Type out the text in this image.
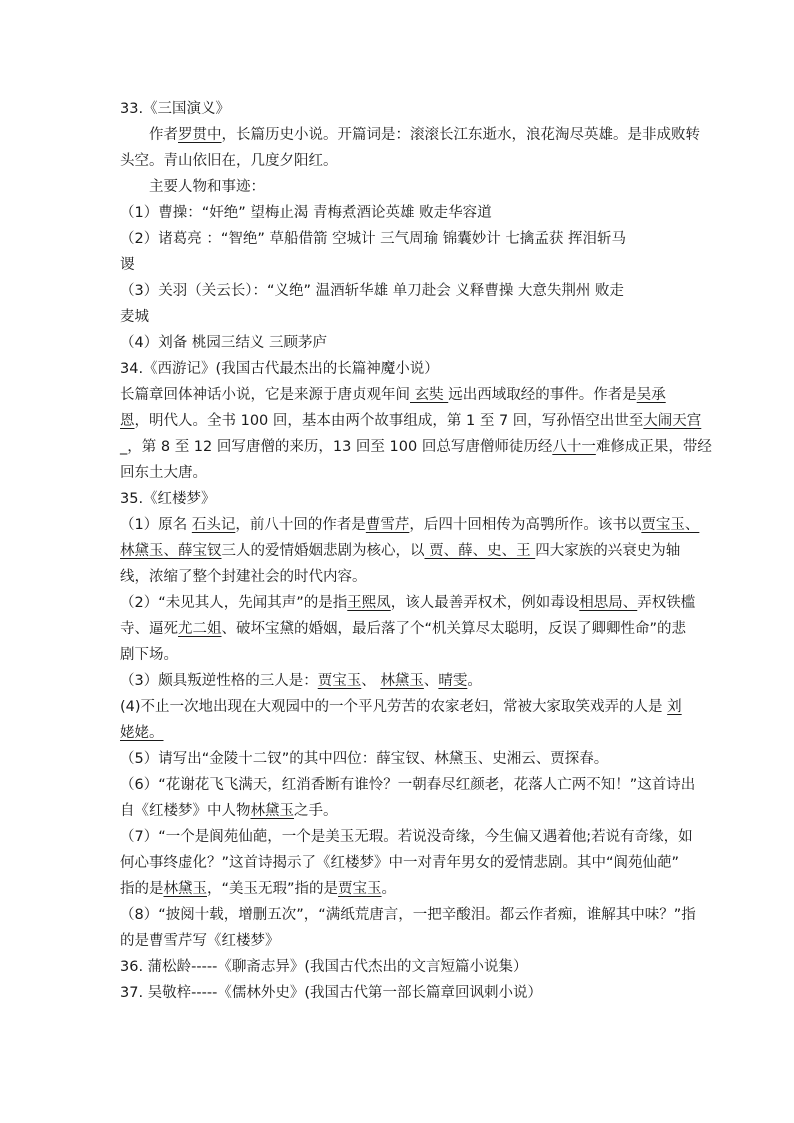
33.《三国演义》
作者罗贯中，长篇历史小说。开篇词是：滚滚长江东逝水，浪花淘尽英雄。是非成败转
头空。青山依旧在，几度夕阳红。
主要人物和事迹：
（1）曹操：“奸绝” 望梅止渴 青梅煮酒论英雄 败走华容道
（2）诸葛亮 ：“智绝” 草船借箭 空城计 三气周瑜 锦囊妙计 七擒孟获 挥泪斩马
谡
（3）关羽（关云长）：“义绝” 温酒斩华雄 单刀赴会 义释曹操 大意失荆州 败走
麦城
（4）刘备 桃园三结义 三顾茅庐
34.《西游记》(我国古代最杰出的长篇神魔小说）
长篇章回体神话小说，它是来源于唐贞观年间 玄奘 远出西域取经的事件。作者是吴承
恩，明代人。全书 100 回，基本由两个故事组成，第 1 至 7 回，写孙悟空出世至大闹天宫
_，第 8 至 12 回写唐僧的来历，13 回至 100 回总写唐僧师徒历经八十一难修成正果，带经
回东土大唐。
35.《红楼梦》
（1）原名 石头记，前八十回的作者是曹雪芹，后四十回相传为高鹗所作。该书以贾宝玉、
林黛玉、薛宝钗三人的爱情婚姻悲剧为核心，以 贾、薛、史、王 四大家族的兴衰史为轴
线，浓缩了整个封建社会的时代内容。
（2）“未见其人，先闻其声”的是指王熙凤，该人最善弄权术，例如毒设相思局、弄权铁槛
寺、逼死尤二姐、破坏宝黛的婚姻，最后落了个“机关算尽太聪明，反误了卿卿性命”的悲
剧下场。
（3）颇具叛逆性格的三人是：贾宝玉、 林黛玉、晴雯。
(4)不止一次地出现在大观园中的一个平凡劳苦的农家老妇，常被大家取笑戏弄的人是 刘
姥姥。
（5）请写出“金陵十二钗”的其中四位：薛宝钗、林黛玉、史湘云、贾探春。
（6）“花谢花飞飞满天，红消香断有谁怜？一朝春尽红颜老，花落人亡两不知！”这首诗出
自《红楼梦》中人物林黛玉之手。
（7）“一个是阆苑仙葩，一个是美玉无瑕。若说没奇缘，今生偏又遇着他;若说有奇缘，如
何心事终虚化？”这首诗揭示了《红楼梦》中一对青年男女的爱情悲剧。其中“阆苑仙葩”
指的是林黛玉，“美玉无瑕”指的是贾宝玉。
（8）“披阅十载，增删五次”，“满纸荒唐言，一把辛酸泪。都云作者痴，谁解其中味？”指
的是曹雪芹写《红楼梦》
36. 蒲松龄-----《聊斋志异》(我国古代杰出的文言短篇小说集）
37. 吴敬梓-----《儒林外史》(我国古代第一部长篇章回讽刺小说）
